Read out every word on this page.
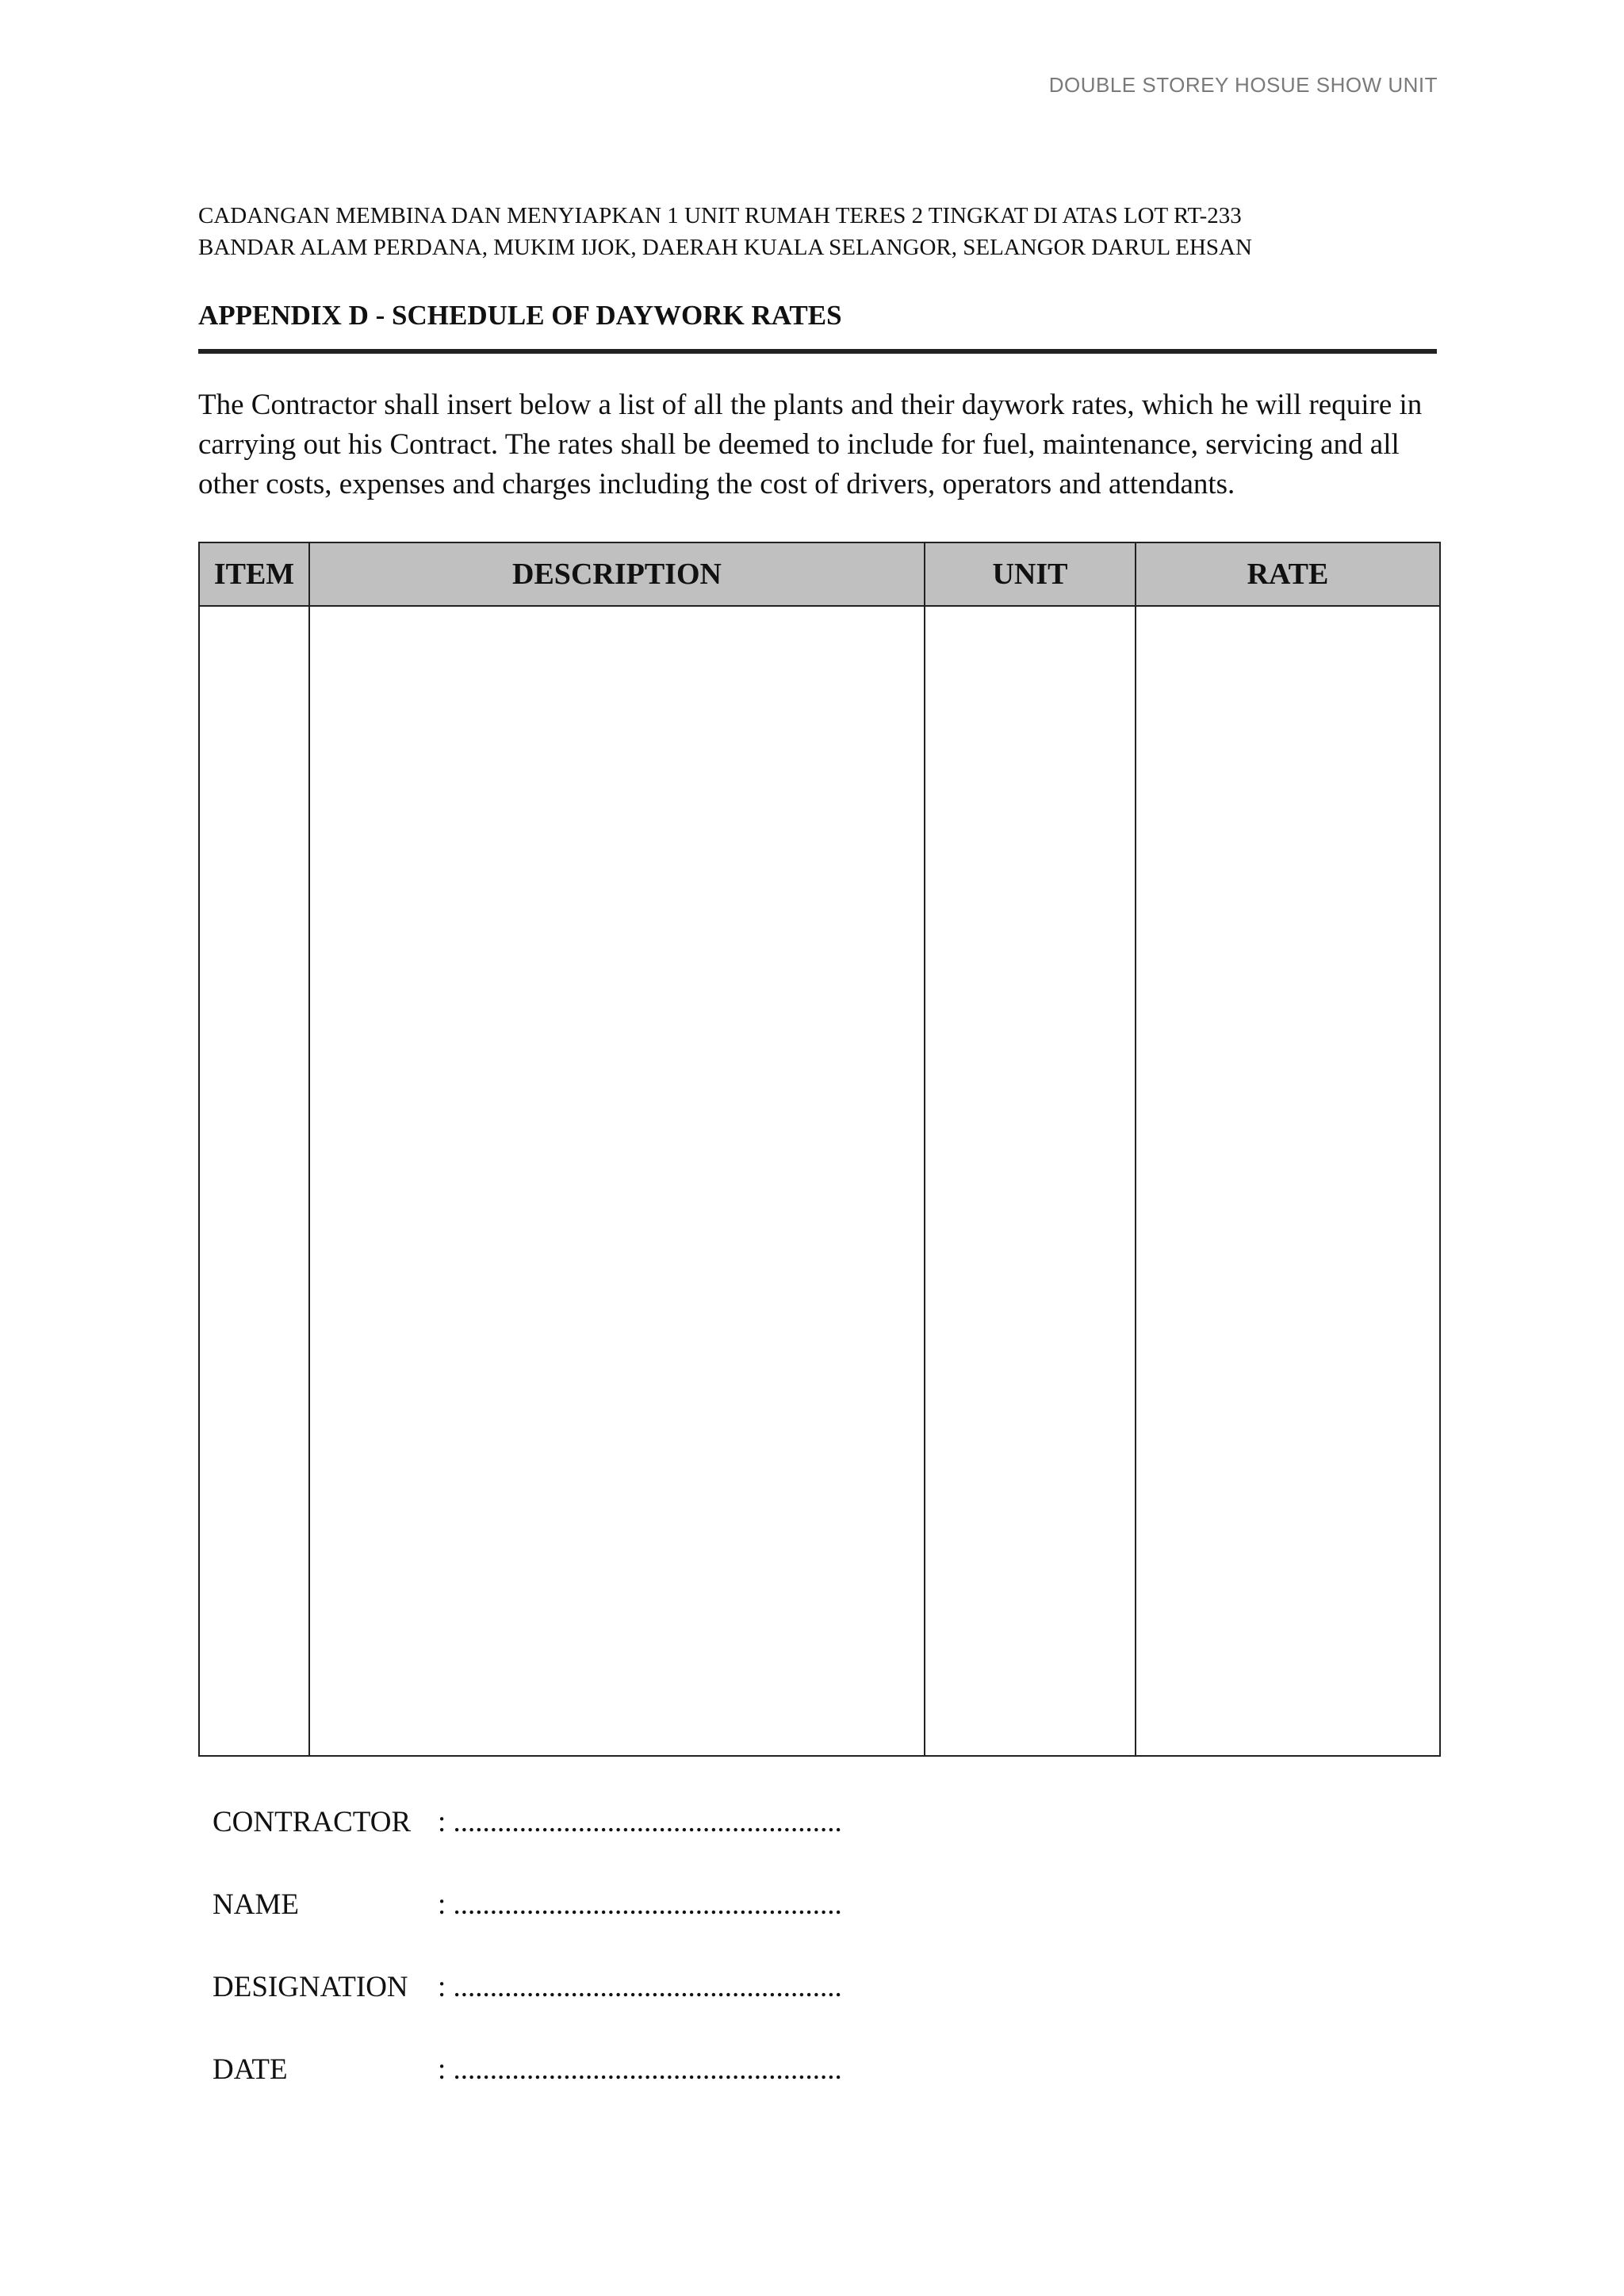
DOUBLE STOREY HOSUE SHOW UNIT
CADANGAN MEMBINA DAN MENYIAPKAN 1 UNIT RUMAH TERES 2 TINGKAT DI ATAS LOT RT-233
BANDAR ALAM PERDANA, MUKIM IJOK, DAERAH KUALA SELANGOR, SELANGOR DARUL EHSAN
APPENDIX D - SCHEDULE OF DAYWORK RATES
The Contractor shall insert below a list of all the plants and their daywork rates, which he will require in carrying out his Contract. The rates shall be deemed to include for fuel, maintenance, servicing and all other costs, expenses and charges including the cost of drivers, operators and attendants.
ITEM	DESCRIPTION	UNIT	RATE

CONTRACTOR : .....................................................
NAME	: .....................................................
DESIGNATION : .....................................................
DATE	: .....................................................
